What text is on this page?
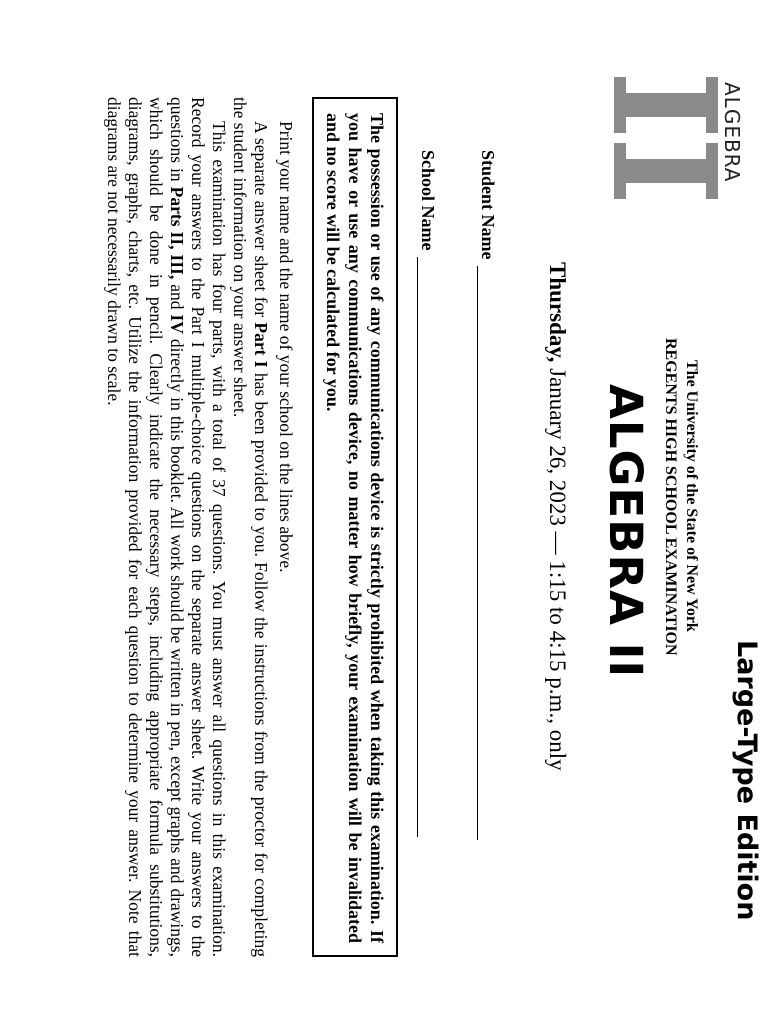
ALGEBRA
Large-Type Edition
The University of the State of New York
REGENTS HIGH SCHOOL EXAMINATION
ALGEBRA II
Thursday, January 26, 2023 — 1:15 to 4:15 p.m., only
Student Name
School Name
The possession or use of any communications device is strictly prohibited when taking this examination. If you have or use any communications device, no matter how briefly, your examination will be invalidated and no score will be calculated for you.

Print your name and the name of your school on the lines above.

A separate answer sheet for Part I has been provided to you. Follow the instructions from the proctor for completing the student information on your answer sheet.

This examination has four parts, with a total of 37 questions. You must answer all questions in this examination. Record your answers to the Part I multiple-choice questions on the separate answer sheet. Write your answers to the questions in Parts II, III, and IV directly in this booklet. All work should be written in pen, except graphs and drawings, which should be done in pencil. Clearly indicate the necessary steps, including appropriate formula substitutions, diagrams, graphs, charts, etc. Utilize the information provided for each question to determine your answer. Note that diagrams are not necessarily drawn to scale.
